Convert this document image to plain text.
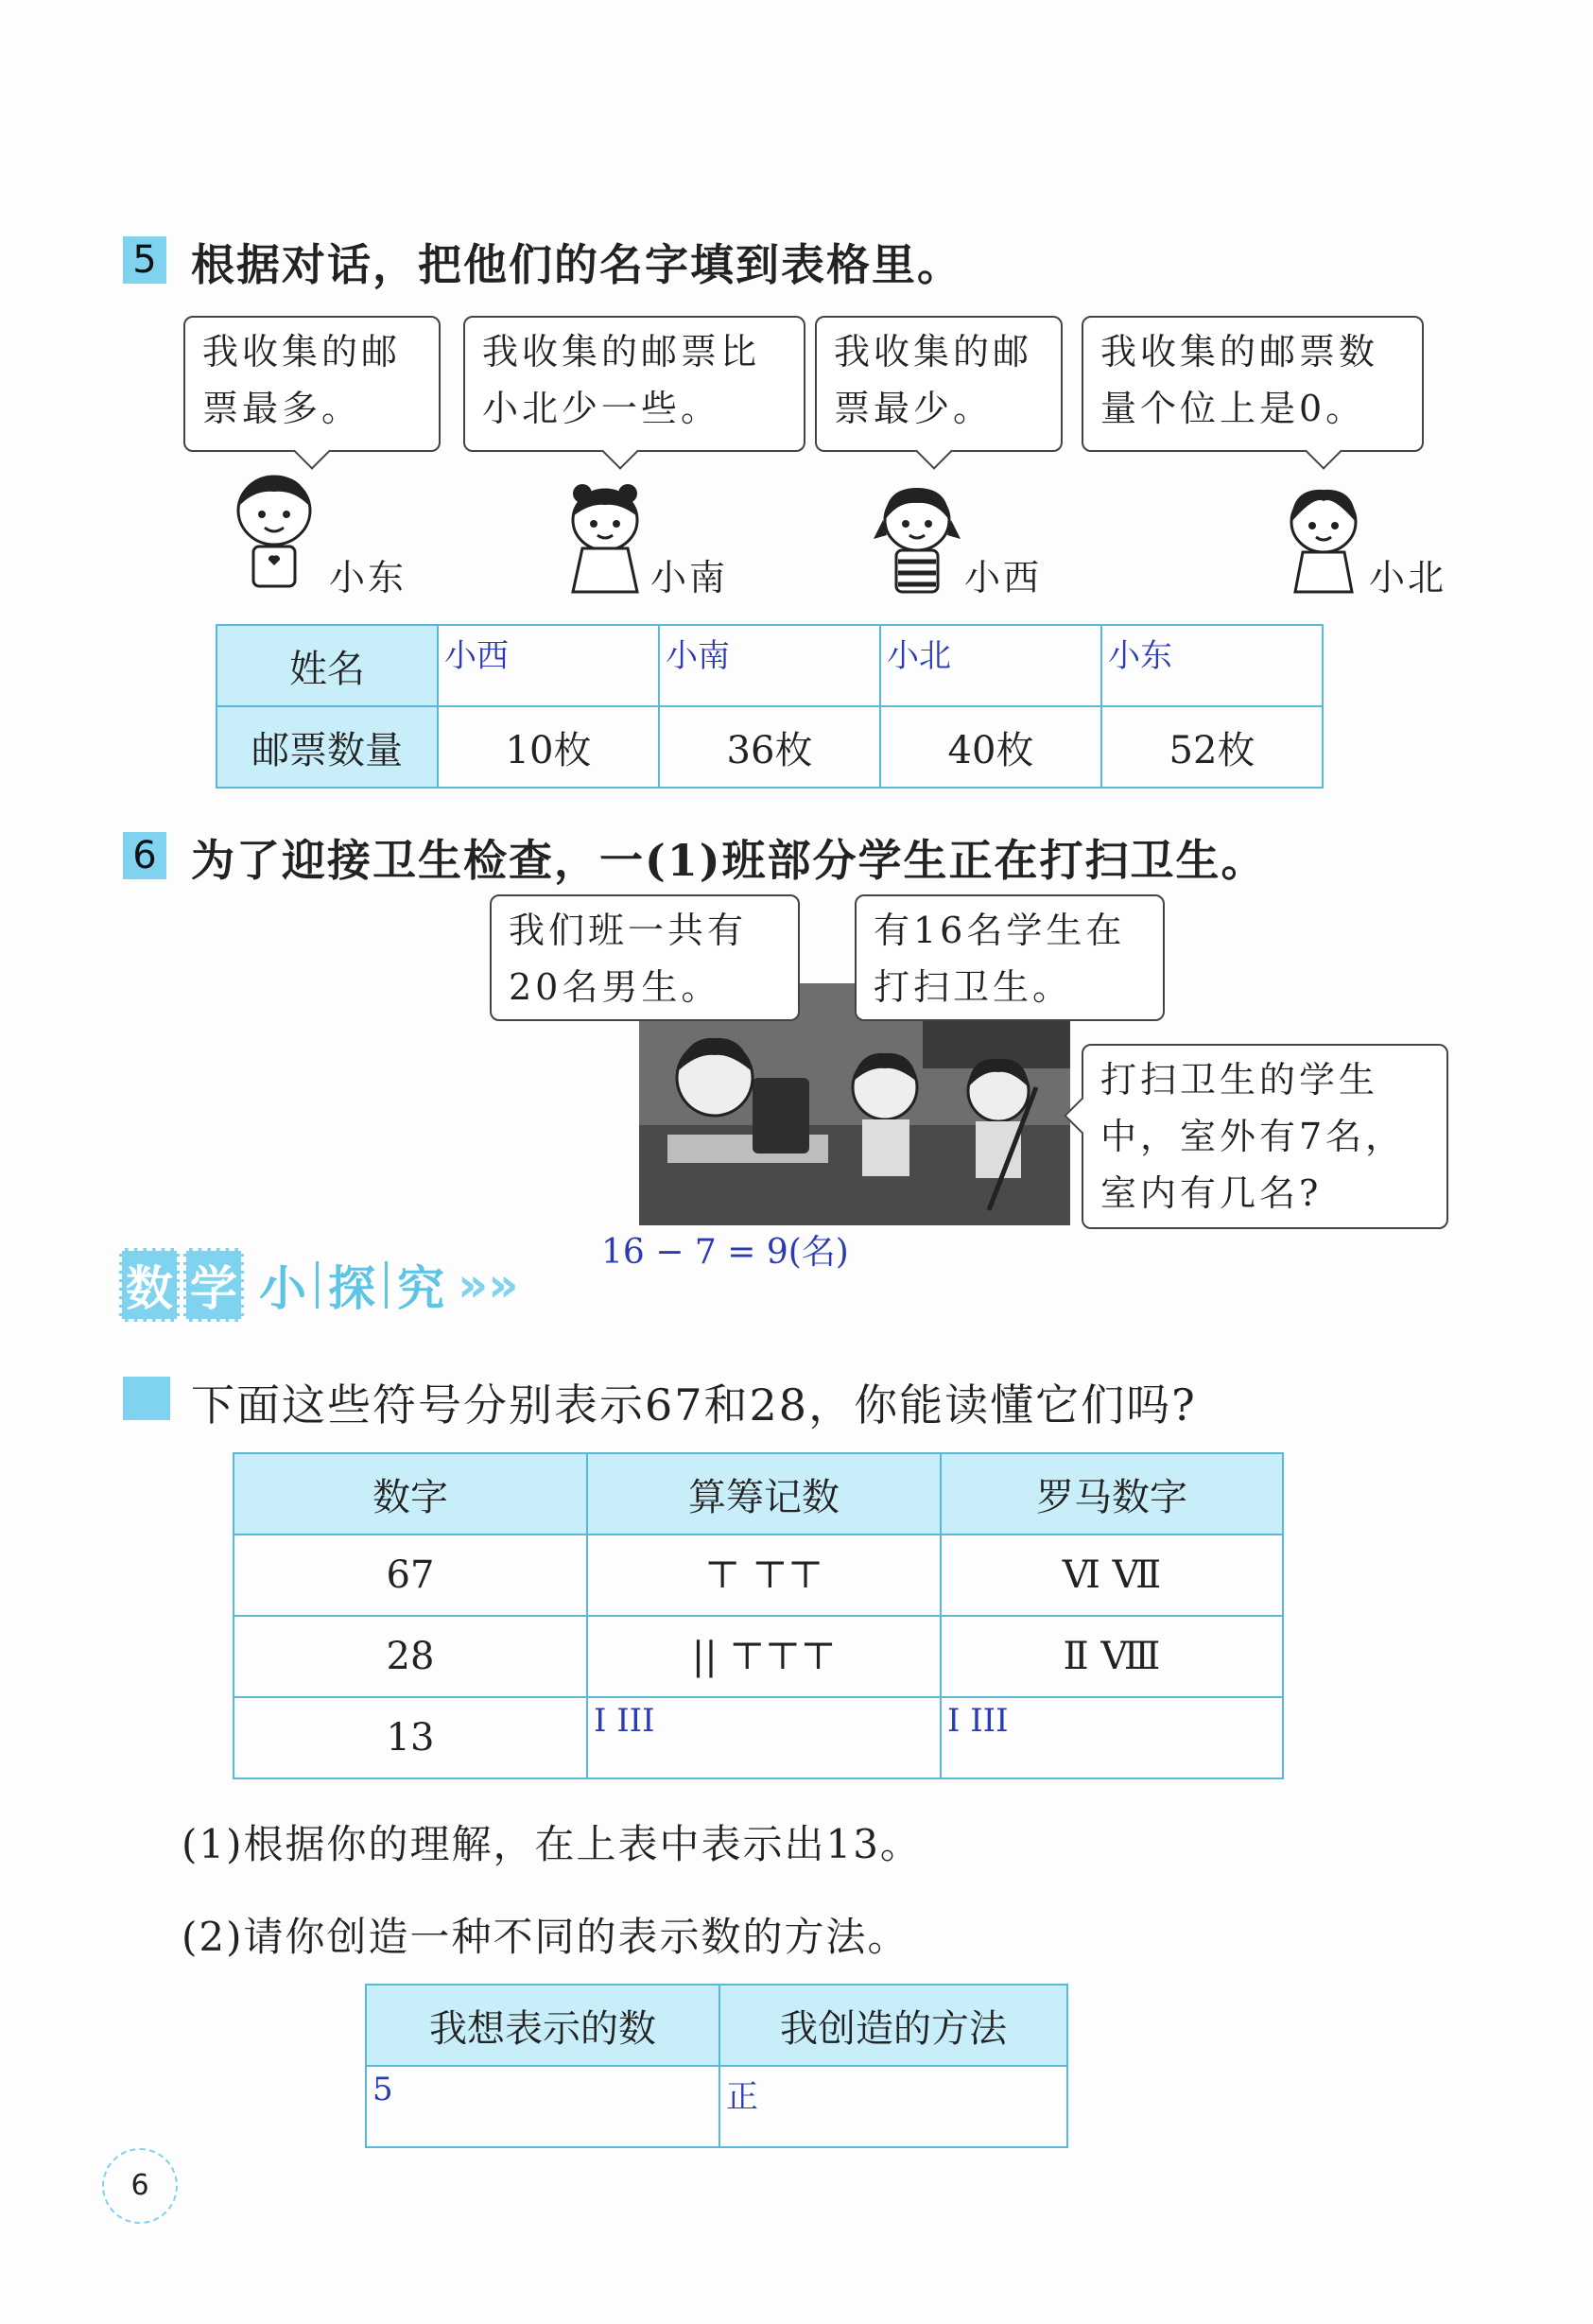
5 根据对话，把他们的名字填到表格里。
我收集的邮
票最多。
我收集的邮票比
小北少一些。
我收集的邮
票最少。
我收集的邮票数
量个位上是0。
小东	小南	小西	小北
姓名	小西	小南	小北	小东

邮票数量	10枚	36枚	40枚	52枚
6 为了迎接卫生检查，一(1)班部分学生正在打扫卫生。
我们班一共有
20名男生。
有16名学生在
打扫卫生。
打扫卫生的学生
中，室外有7名，
室内有几名?
16 − 7 = 9(名)
数 学 小 探 究 »»
下面这些符号分别表示67和28，你能读懂它们吗?
数字	算筹记数	罗马数字
67	⊤ ⊤⊤	Ⅵ Ⅶ
28	|| ⊤⊤⊤	Ⅱ Ⅷ
13	I III	I III
(1)根据你的理解，在上表中表示出13。
(2)请你创造一种不同的表示数的方法。
我想表示的数	我创造的方法

5	正
6
